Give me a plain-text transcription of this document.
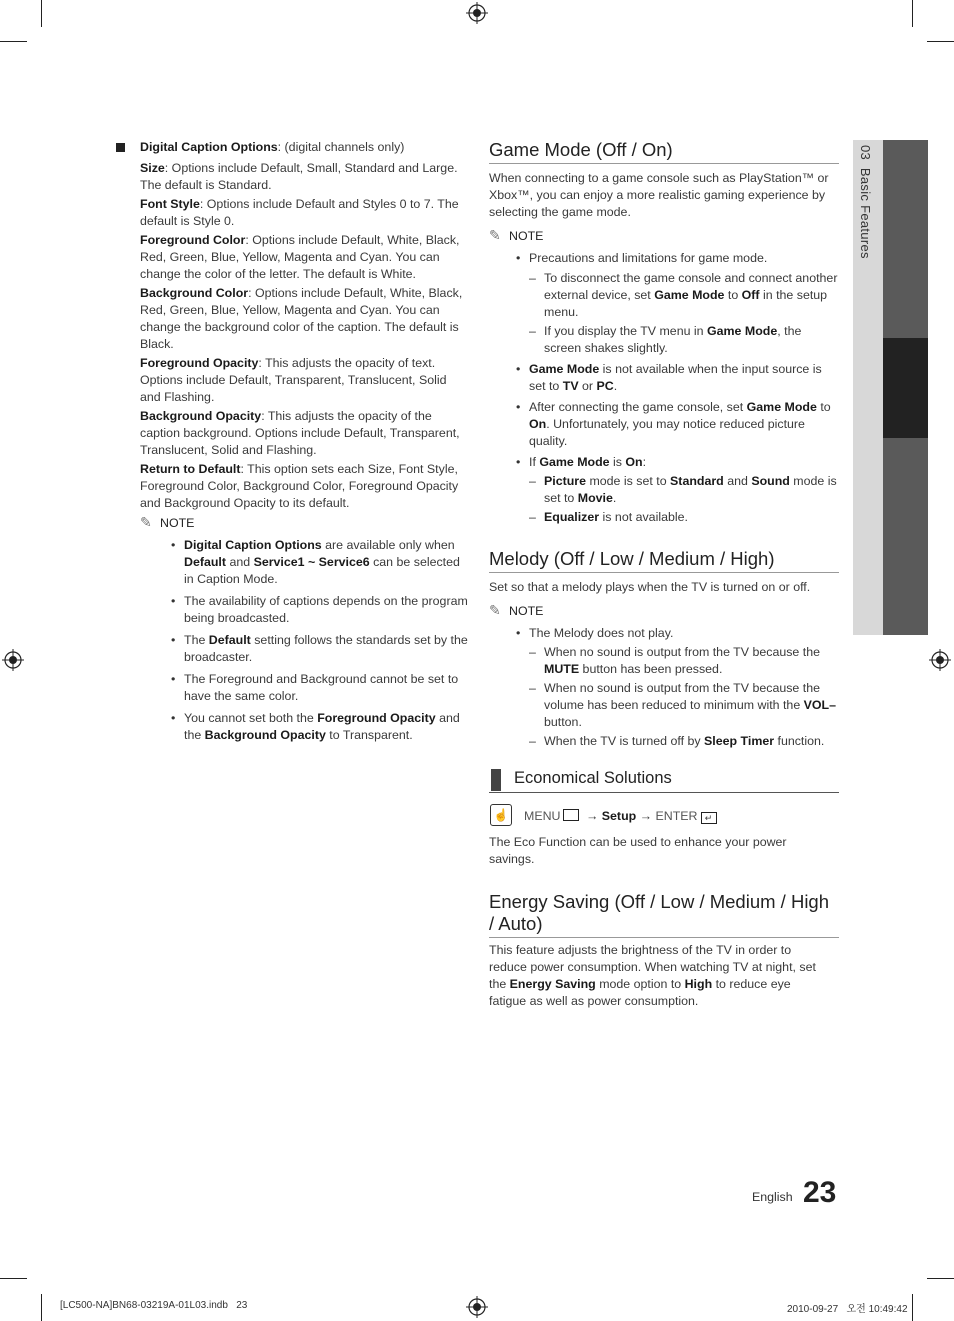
03  Basic Features
Digital Caption Options: (digital channels only)
Size: Options include Default, Small, Standard and Large. The default is Standard.
Font Style: Options include Default and Styles 0 to 7. The default is Style 0.
Foreground Color: Options include Default, White, Black, Red, Green, Blue, Yellow, Magenta and Cyan. You can change the color of the letter. The default is White.
Background Color: Options include Default, White, Black, Red, Green, Blue, Yellow, Magenta and Cyan. You can change the background color of the caption. The default is Black.
Foreground Opacity: This adjusts the opacity of text. Options include Default, Transparent, Translucent, Solid and Flashing.
Background Opacity: This adjusts the opacity of the caption background. Options include Default, Transparent, Translucent, Solid and Flashing.
Return to Default: This option sets each Size, Font Style, Foreground Color, Background Color, Foreground Opacity and Background Opacity to its default.
✎ NOTE
• Digital Caption Options are available only when Default and Service1 ~ Service6 can be selected in Caption Mode.
• The availability of captions depends on the program being broadcasted.
• The Default setting follows the standards set by the broadcaster.
• The Foreground and Background cannot be set to have the same color.
• You cannot set both the Foreground Opacity and the Background Opacity to Transparent.
Game Mode (Off / On)
When connecting to a game console such as PlayStation™ or Xbox™, you can enjoy a more realistic gaming experience by selecting the game mode.
✎ NOTE
• Precautions and limitations for game mode.
– To disconnect the game console and connect another external device, set Game Mode to Off in the setup menu.
– If you display the TV menu in Game Mode, the screen shakes slightly.
• Game Mode is not available when the input source is set to TV or PC.
• After connecting the game console, set Game Mode to On. Unfortunately, you may notice reduced picture quality.
• If Game Mode is On:
– Picture mode is set to Standard and Sound mode is set to Movie.
– Equalizer is not available.
Melody (Off / Low / Medium / High)
Set so that a melody plays when the TV is turned on or off.
✎ NOTE
• The Melody does not play.
– When no sound is output from the TV because the MUTE button has been pressed.
– When no sound is output from the TV because the volume has been reduced to minimum with the VOL– button.
– When the TV is turned off by Sleep Timer function.
Economical Solutions
☝ MENU → Setup → ENTER ↵
The Eco Function can be used to enhance your power savings.
Energy Saving (Off / Low / Medium / High / Auto)
This feature adjusts the brightness of the TV in order to reduce power consumption. When watching TV at night, set the Energy Saving mode option to High to reduce eye fatigue as well as power consumption.
English 23
[LC500-NA]BN68-03219A-01L03.indb   23	2010-09-27   오전 10:49:42
